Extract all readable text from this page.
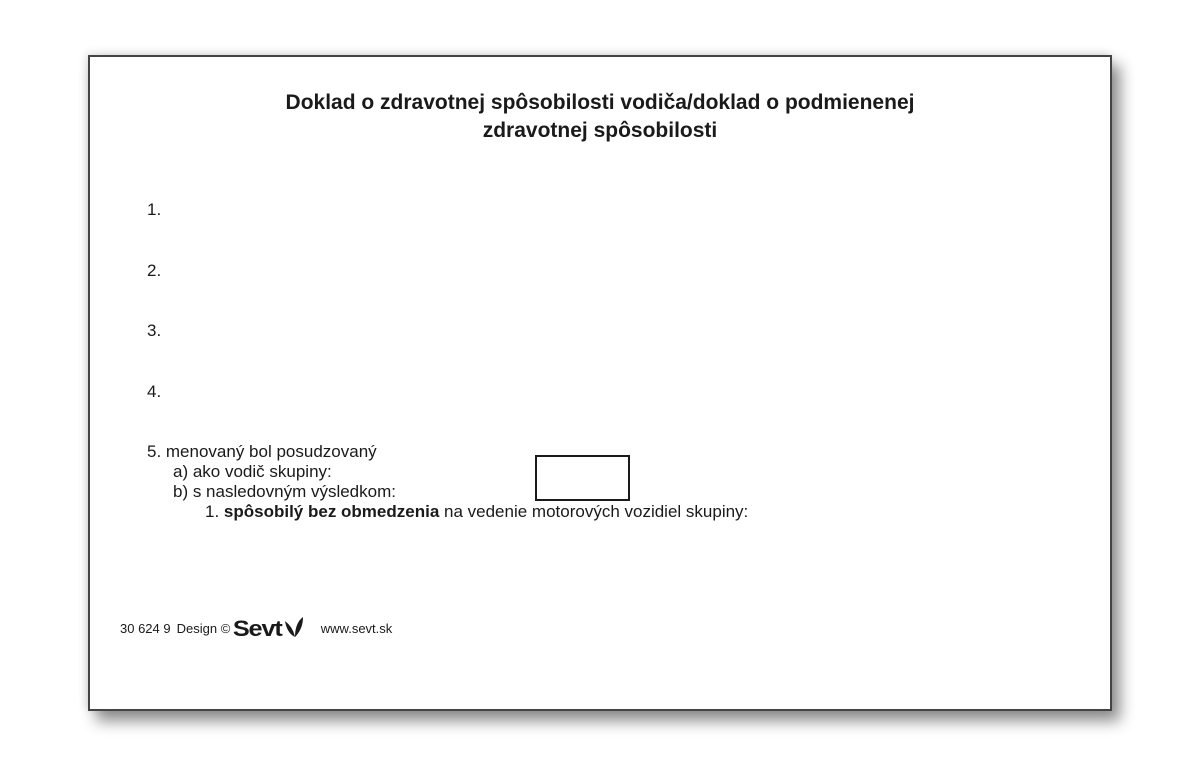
Doklad o zdravotnej spôsobilosti vodiča/doklad o podmienenej
zdravotnej spôsobilosti
1.
2.
3.
4.
5. menovaný bol posudzovaný
a) ako vodič skupiny:
b) s nasledovným výsledkom:
1. spôsobilý bez obmedzenia na vedenie motorových vozidiel skupiny:
30 624 9 Design © Sevt	www.sevt.sk
